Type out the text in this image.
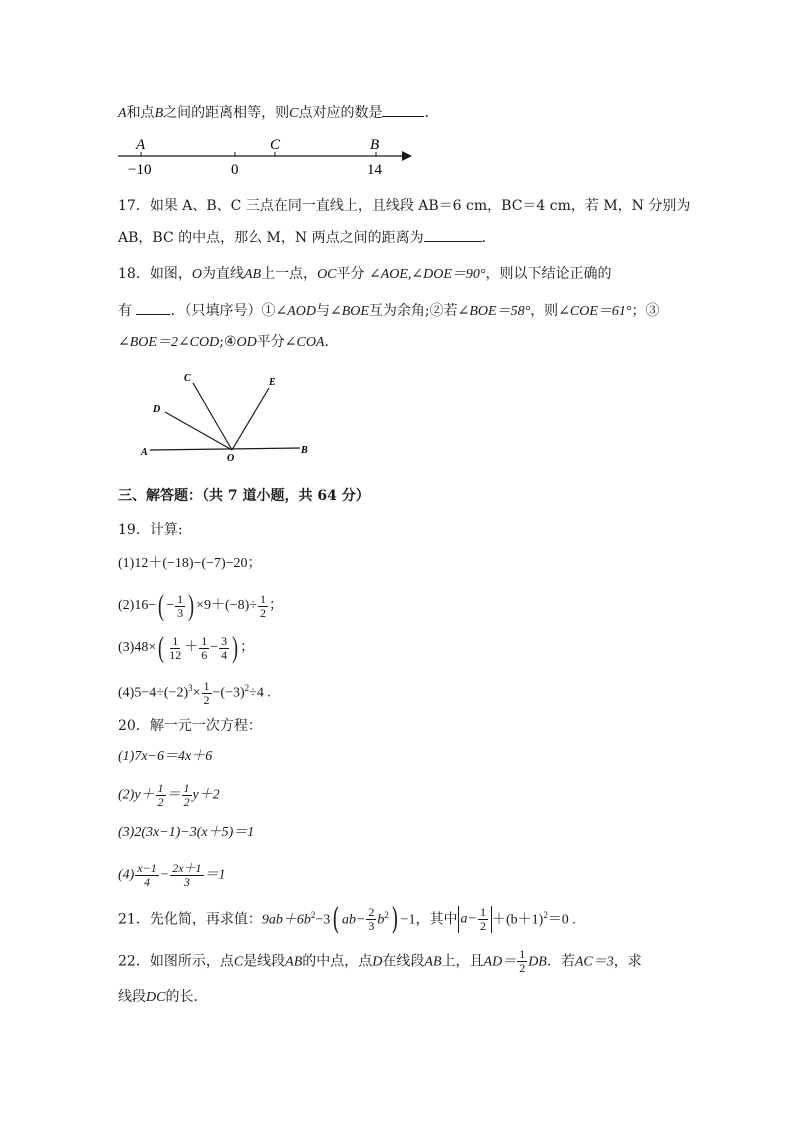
A和点B之间的距离相等，则C点对应的数是	．
A	C	B
−10	0	14
17．如果 A、B、C 三点在同一直线上，且线段 AB＝6 cm，BC＝4 cm，若 M，N 分别为
AB，BC 的中点，那么 M，N 两点之间的距离为	.
18．如图，O为直线AB上一点，OC平分 ∠AOE,∠DOE＝90°，则以下结论正确的
有	．（只填序号）①∠AOD与∠BOE互为余角;②若∠BOE＝58°，则∠COE＝61°；③
∠BOE＝2∠COD;④OD平分∠COA．
C	E
D
A
O
B
三、解答题：（共 7 道小题，共 64 分）
19．计算:
(1)12＋(−18)−(−7)−20；
$(2)16-( - \frac{1}{3}$ ) $\times 9+(-8)\div \frac{1}{2}$ ；
$(3)48\times( \frac{1}{12} + \frac{1}{6} - \frac{3}{4}$ ) ；
$(4)5-4\div(-2)^3\times \frac{1}{2} -(-3)^2\div 4$ .
20．解一元一次方程：
(1)7x−6＝4x＋6
$(2)y+ \frac{1}{2} = \frac{1}{2} y+2$
(3)2(3x−1)−3(x＋5)＝1
$(4) \frac{x-1}{4} - \frac{2x+1}{3} =1$
21．先化简，再求值：$9ab+6b^2-3$( $ab- \frac{2}{3} b^2) -1$，其中 $a- \frac{1}{2} +(b+1)^2=0$ .
22．如图所示，点C是线段AB的中点，点D在线段AB上，且$AD= \frac{1}{2}$ DB．若AC＝3，求
线段DC的长．
